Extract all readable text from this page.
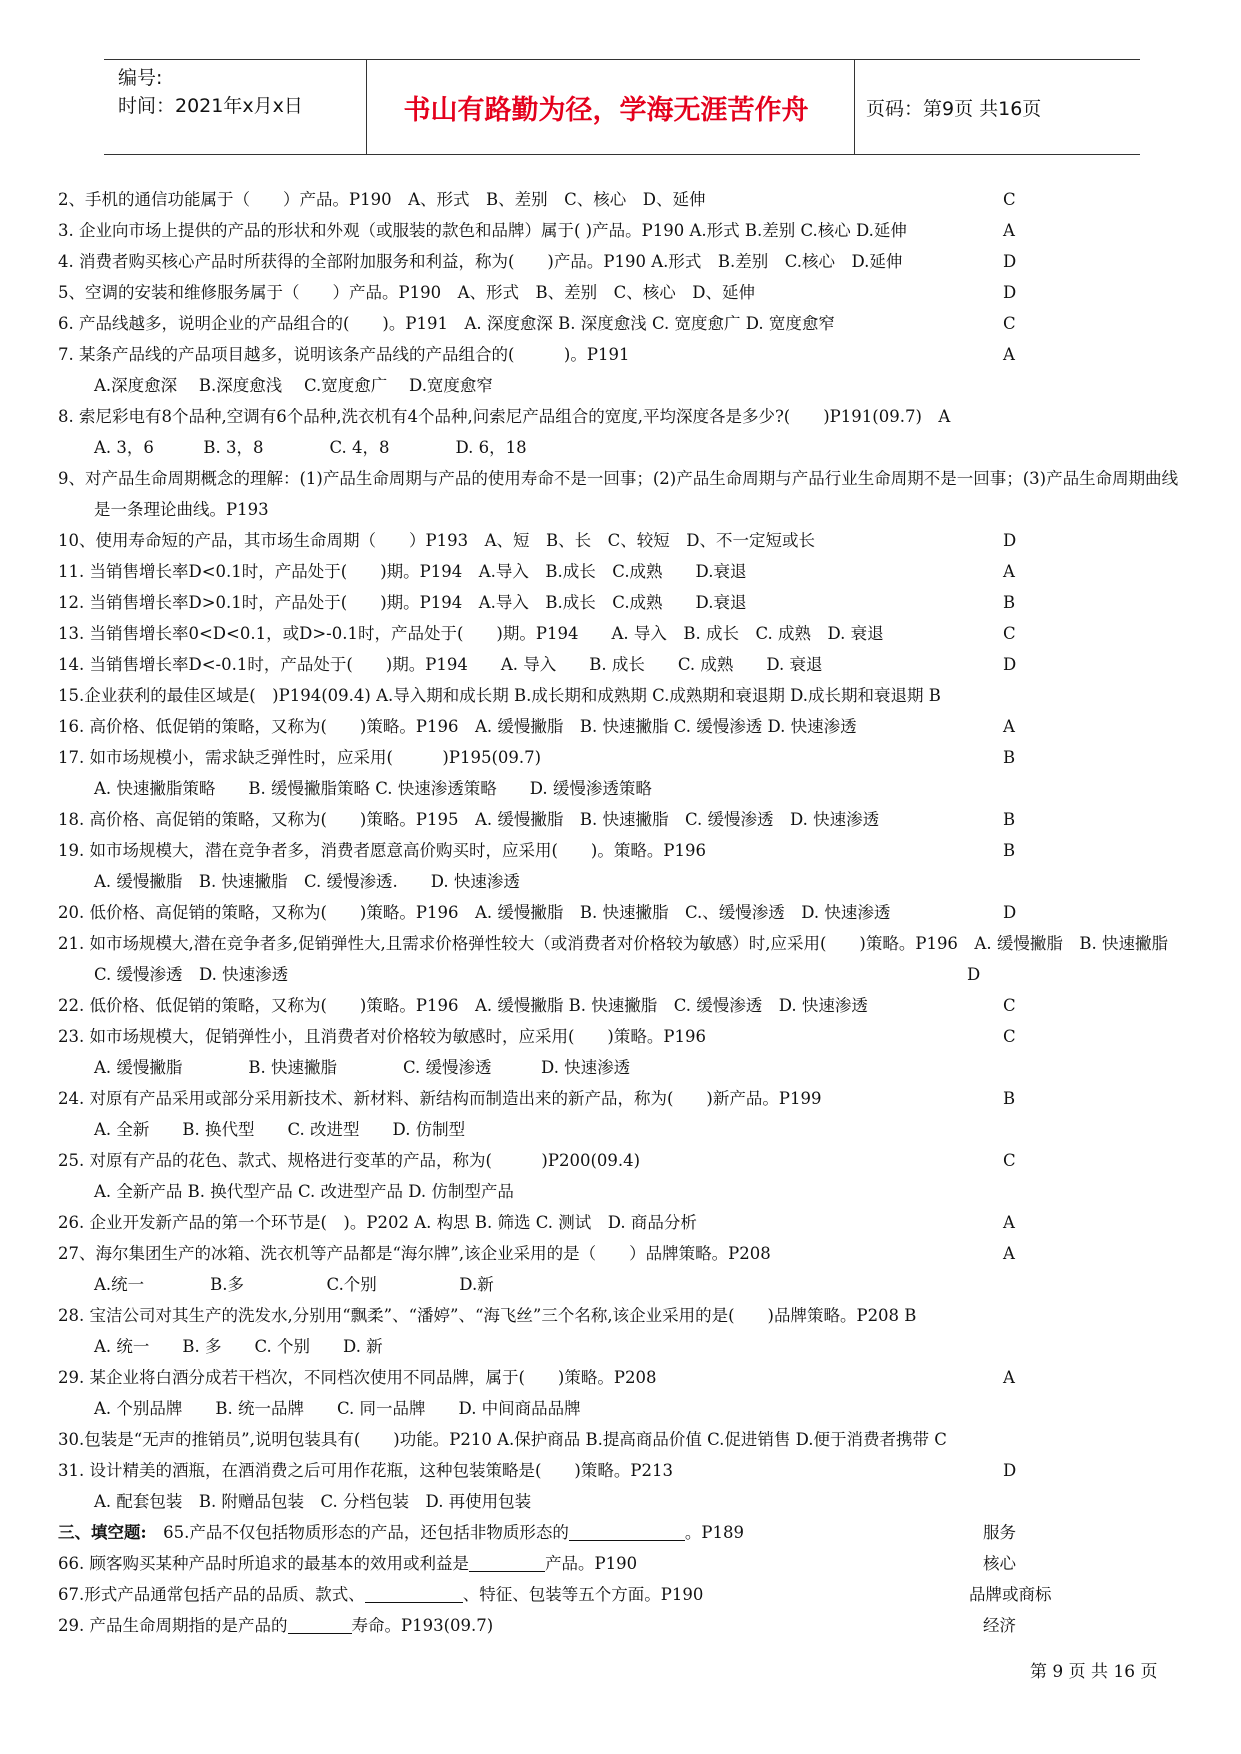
编号:
时间：2021年x月x日	书山有路勤为径，学海无涯苦作舟	页码：第9页 共16页
2、手机的通信功能属于（　　）产品。P190　A、形式　B、差别　C、核心　D、延伸	C
3. 企业向市场上提供的产品的形状和外观（或服装的款色和品牌）属于( )产品。P190 A.形式 B.差别 C.核心 D.延伸	A
4. 消费者购买核心产品时所获得的全部附加服务和利益，称为(　　)产品。P190 A.形式　B.差别　C.核心　D.延伸	D
5、空调的安装和维修服务属于（　　）产品。P190　A、形式　B、差别　C、核心　D、延伸	D
6. 产品线越多，说明企业的产品组合的(　　)。P191　A. 深度愈深 B. 深度愈浅 C. 宽度愈广 D. 宽度愈窄	C
7. 某条产品线的产品项目越多，说明该条产品线的产品组合的(　　　)。P191	A
A.深度愈深　 B.深度愈浅　 C.宽度愈广　 D.宽度愈窄
8. 索尼彩电有8个品种,空调有6个品种,洗衣机有4个品种,问索尼产品组合的宽度,平均深度各是多少?(　　)P191(09.7)　A
A. 3，6　　　B. 3，8　　　　C. 4，8　　　　D. 6，18
9、对产品生命周期概念的理解：(1)产品生命周期与产品的使用寿命不是一回事；(2)产品生命周期与产品行业生命周期不是一回事；(3)产品生命周期曲线是一条理论曲线。P193
10、使用寿命短的产品，其市场生命周期（　　）P193　A、短　B、长　C、较短　D、不一定短或长	D
11. 当销售增长率D<0.1时，产品处于(　　)期。P194　A.导入　B.成长　C.成熟　　D.衰退	A
12. 当销售增长率D>0.1时，产品处于(　　)期。P194　A.导入　B.成长　C.成熟　　D.衰退	B
13. 当销售增长率0<D<0.1，或D>-0.1时，产品处于(　　)期。P194　　A. 导入　B. 成长　C. 成熟　D. 衰退	C
14. 当销售增长率D<-0.1时，产品处于(　　)期。P194　　A. 导入　　B. 成长　　C. 成熟　　D. 衰退	D
15.企业获利的最佳区域是(　)P194(09.4) A.导入期和成长期 B.成长期和成熟期 C.成熟期和衰退期 D.成长期和衰退期 B
16. 高价格、低促销的策略，又称为(　　)策略。P196　A. 缓慢撇脂　B. 快速撇脂 C. 缓慢渗透 D. 快速渗透	A
17. 如市场规模小，需求缺乏弹性时，应采用(　　　)P195(09.7)	B
A. 快速撇脂策略　　B. 缓慢撇脂策略 C. 快速渗透策略　　D. 缓慢渗透策略
18. 高价格、高促销的策略，又称为(　　)策略。P195　A. 缓慢撇脂　B. 快速撇脂　C. 缓慢渗透　D. 快速渗透	B
19. 如市场规模大，潜在竞争者多，消费者愿意高价购买时，应采用(　　)。策略。P196	B
A. 缓慢撇脂　B. 快速撇脂　C. 缓慢渗透.　　D. 快速渗透
20. 低价格、高促销的策略，又称为(　　)策略。P196　A. 缓慢撇脂　B. 快速撇脂　C.、缓慢渗透　D. 快速渗透	D
21. 如市场规模大,潜在竞争者多,促销弹性大,且需求价格弹性较大（或消费者对价格较为敏感）时,应采用(　　)策略。P196　A. 缓慢撇脂　B. 快速撇脂　C. 缓慢渗透　D. 快速渗透	D
22. 低价格、低促销的策略，又称为(　　)策略。P196　A. 缓慢撇脂 B. 快速撇脂　C. 缓慢渗透　D. 快速渗透	C
23. 如市场规模大，促销弹性小，且消费者对价格较为敏感时，应采用(　　)策略。P196	C
A. 缓慢撇脂　　　　B. 快速撇脂　　　　C. 缓慢渗透　　　D. 快速渗透
24. 对原有产品采用或部分采用新技术、新材料、新结构而制造出来的新产品，称为(　　)新产品。P199	B
A. 全新　　B. 换代型　　C. 改进型　　D. 仿制型
25. 对原有产品的花色、款式、规格进行变革的产品，称为(　　　)P200(09.4)	C
A. 全新产品 B. 换代型产品 C. 改进型产品 D. 仿制型产品
26. 企业开发新产品的第一个环节是(　)。P202 A. 构思 B. 筛选 C. 测试　D. 商品分析	A
27、海尔集团生产的冰箱、洗衣机等产品都是“海尔牌”,该企业采用的是（　　）品牌策略。P208	A
A.统一　　　　B.多　　　　　C.个别　　　　　D.新
28. 宝洁公司对其生产的洗发水,分别用“飘柔”、“潘婷”、“海飞丝”三个名称,该企业采用的是(　　)品牌策略。P208 B
A. 统一　　B. 多　　C. 个别　　D. 新
29. 某企业将白酒分成若干档次，不同档次使用不同品牌，属于(　　)策略。P208	A
A. 个别品牌　　B. 统一品牌　　C. 同一品牌　　D. 中间商品品牌
30.包装是“无声的推销员”,说明包装具有(　　)功能。P210 A.保护商品 B.提高商品价值 C.促进销售 D.便于消费者携带 C
31. 设计精美的酒瓶，在酒消费之后可用作花瓶，这种包装策略是(　　)策略。P213	D
A. 配套包装　B. 附赠品包装　C. 分档包装　D. 再使用包装
三、填空题:　 65.产品不仅包括物质形态的产品，还包括非物质形态的	。P189	服务
66. 顾客购买某种产品时所追求的最基本的效用或利益是	产品。P190	核心
67.形式产品通常包括产品的品质、款式、	、特征、包装等五个方面。P190	品牌或商标
29. 产品生命周期指的是产品的	寿命。P193(09.7)	经济
第 9 页 共 16 页
